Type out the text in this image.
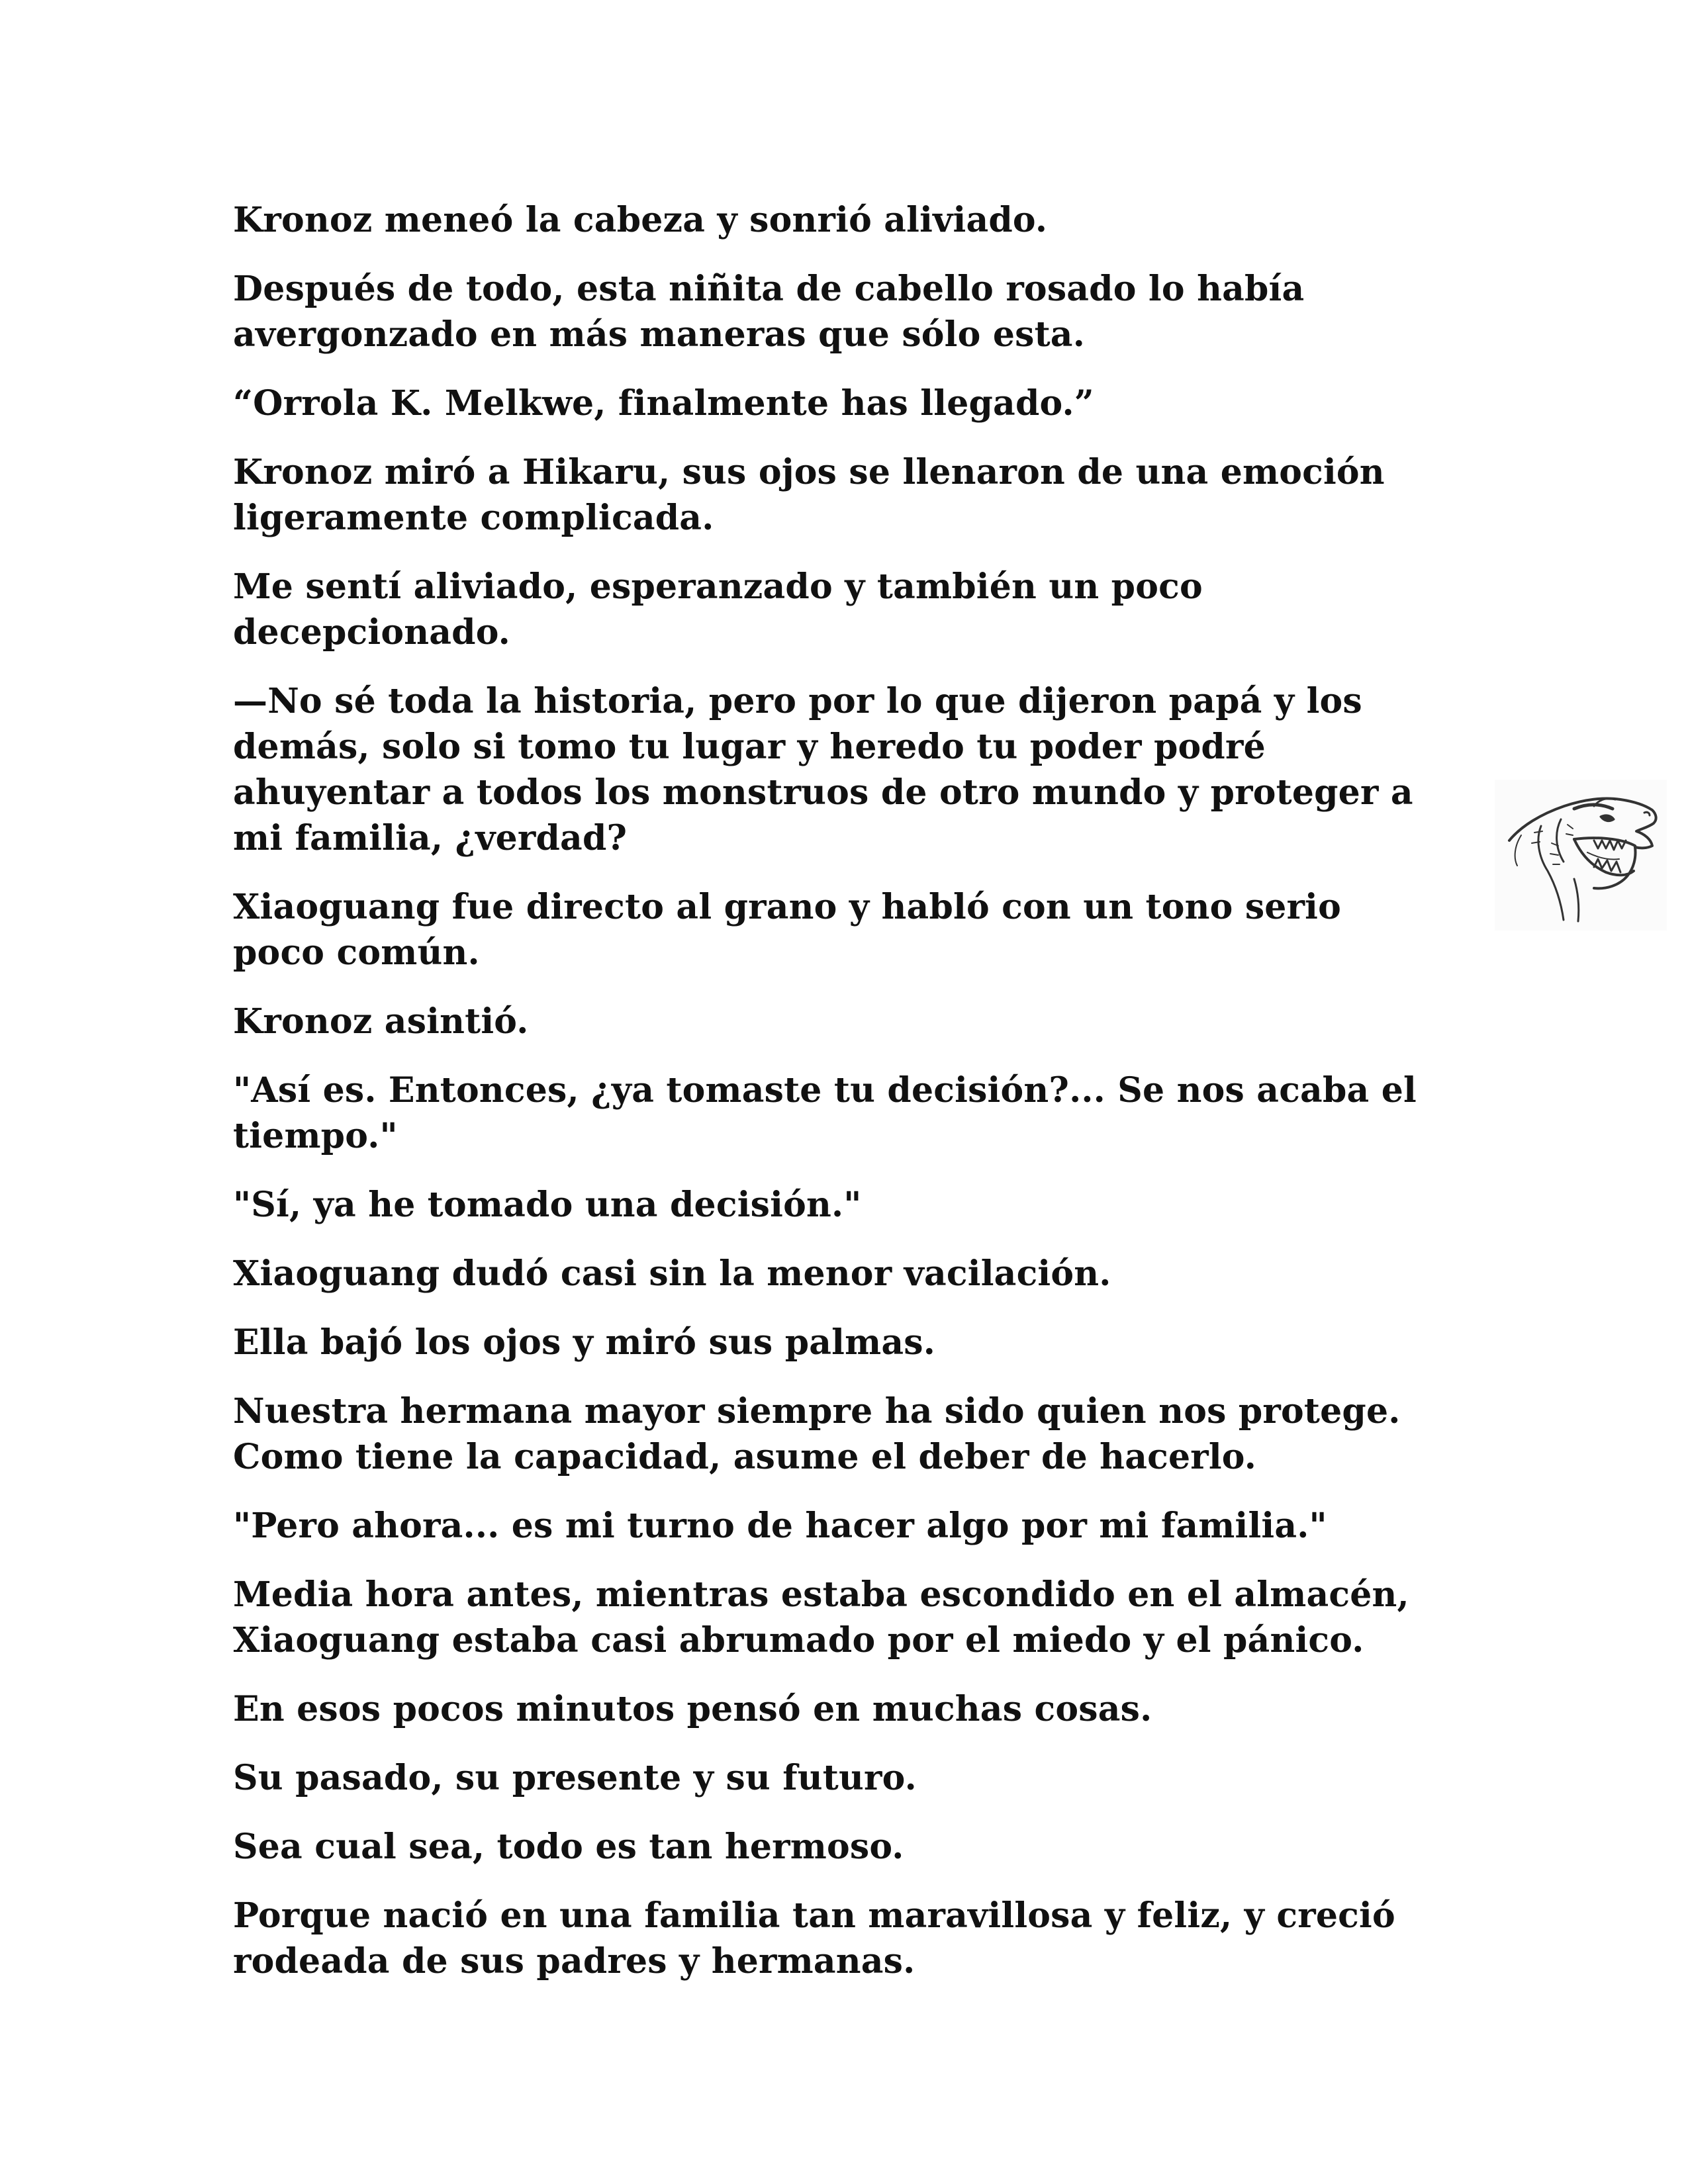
Kronoz meneó la cabeza y sonrió aliviado.

Después de todo, esta niñita de cabello rosado lo había avergonzado en más maneras que sólo esta.

“Orrola K. Melkwe, finalmente has llegado.”

Kronoz miró a Hikaru, sus ojos se llenaron de una emoción ligeramente complicada.

Me sentí aliviado, esperanzado y también un poco decepcionado.

—No sé toda la historia, pero por lo que dijeron papá y los demás, solo si tomo tu lugar y heredo tu poder podré ahuyentar a todos los monstruos de otro mundo y proteger a mi familia, ¿verdad?

Xiaoguang fue directo al grano y habló con un tono serio poco común.

Kronoz asintió.

"Así es. Entonces, ¿ya tomaste tu decisión?... Se nos acaba el tiempo."

"Sí, ya he tomado una decisión."

Xiaoguang dudó casi sin la menor vacilación.

Ella bajó los ojos y miró sus palmas.

Nuestra hermana mayor siempre ha sido quien nos protege. Como tiene la capacidad, asume el deber de hacerlo.

"Pero ahora... es mi turno de hacer algo por mi familia."

Media hora antes, mientras estaba escondido en el almacén, Xiaoguang estaba casi abrumado por el miedo y el pánico.

En esos pocos minutos pensó en muchas cosas.

Su pasado, su presente y su futuro.

Sea cual sea, todo es tan hermoso.

Porque nació en una familia tan maravillosa y feliz, y creció rodeada de sus padres y hermanas.
